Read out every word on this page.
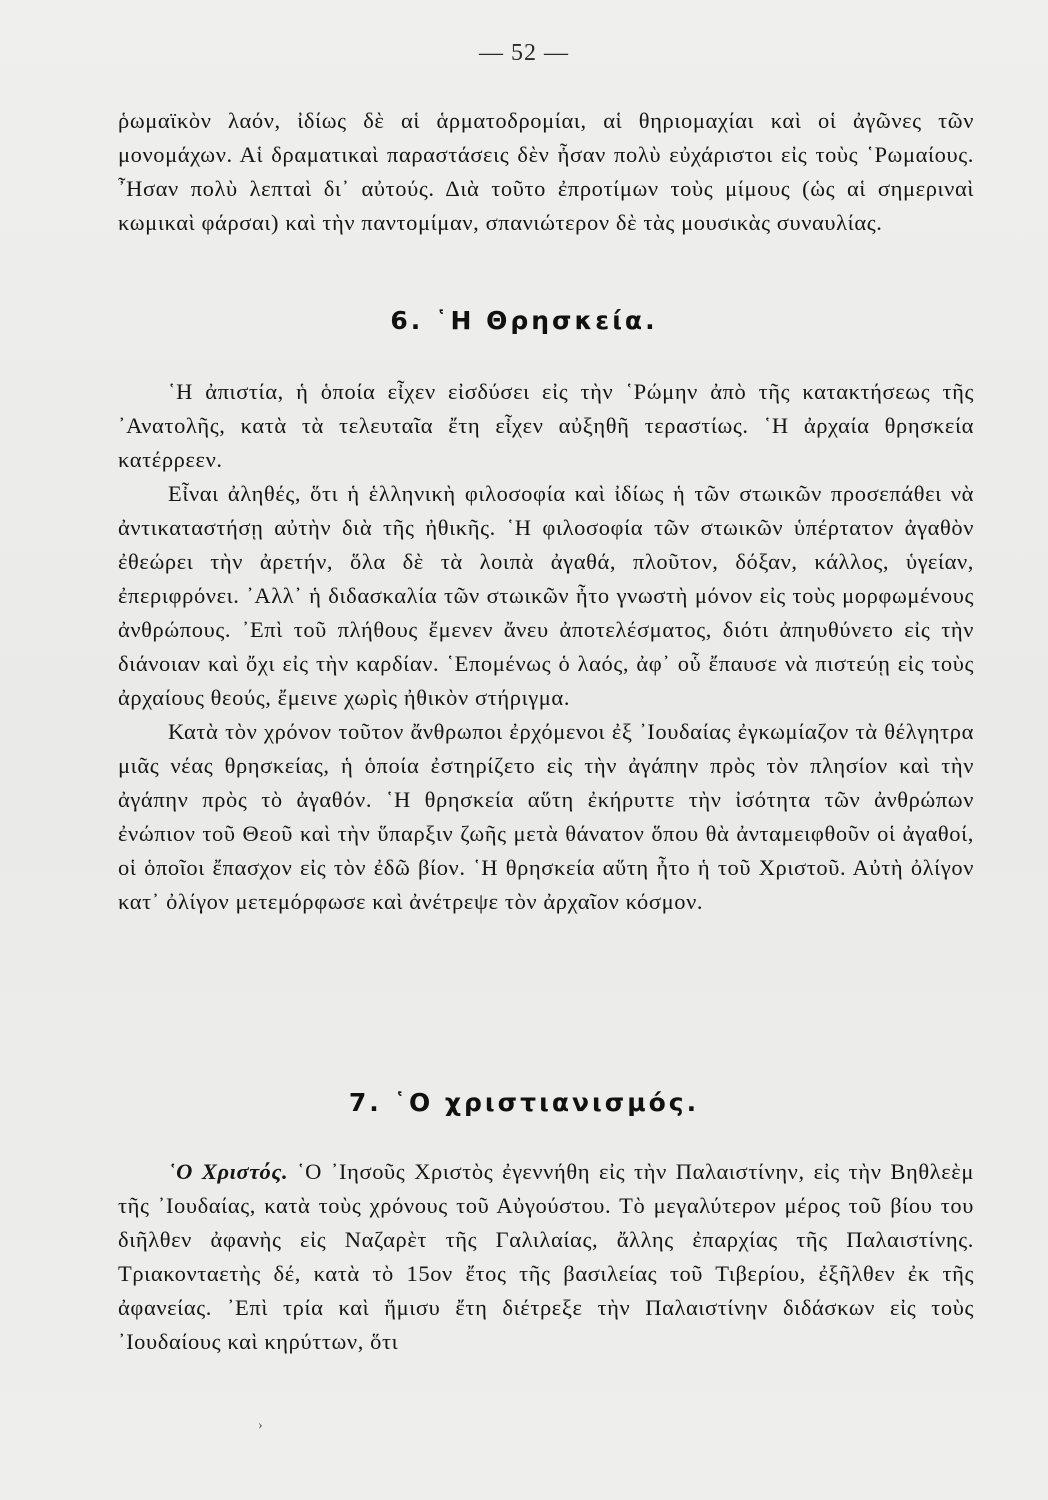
— 52 —

ῥωμαϊκὸν λαόν, ἰδίως δὲ αἱ ἁρματοδρομίαι, αἱ θηριομαχίαι καὶ οἱ ἀγῶνες τῶν μονομάχων. Αἱ δραματικαὶ παραστάσεις δὲν ἦσαν πολὺ εὐχάριστοι εἰς τοὺς ῾Ρωμαίους. ῏Ησαν πολὺ λεπταὶ δι᾿ αὐτούς. Διὰ τοῦτο ἐπροτίμων τοὺς μίμους (ὡς αἱ σημεριναὶ κωμικαὶ φάρσαι) καὶ τὴν παντομίμαν, σπανιώτερον δὲ τὰς μουσικὰς συναυλίας.

6. ῾Η Θρησκεία.

῾Η ἀπιστία, ἡ ὁποία εἶχεν εἰσδύσει εἰς τὴν ῾Ρώμην ἀπὸ τῆς κατακτήσεως τῆς ᾿Ανατολῆς, κατὰ τὰ τελευταῖα ἔτη εἶχεν αὐξηθῆ τεραστίως. ῾Η ἀρχαία θρησκεία κατέρρεεν.

Εἶναι ἀληθές, ὅτι ἡ ἑλληνικὴ φιλοσοφία καὶ ἰδίως ἡ τῶν στωικῶν προσεπάθει νὰ ἀντικαταστήσῃ αὐτὴν διὰ τῆς ἠθικῆς. ῾Η φιλοσοφία τῶν στωικῶν ὑπέρτατον ἀγαθὸν ἐθεώρει τὴν ἀρετήν, ὅλα δὲ τὰ λοιπὰ ἀγαθά, πλοῦτον, δόξαν, κάλλος, ὑγείαν, ἐπεριφρόνει. ᾿Αλλ᾿ ἡ διδασκαλία τῶν στωικῶν ἦτο γνωστὴ μόνον εἰς τοὺς μορφωμένους ἀνθρώπους. ᾿Επὶ τοῦ πλήθους ἔμενεν ἄνευ ἀποτελέσματος, διότι ἀπηυθύνετο εἰς τὴν διάνοιαν καὶ ὄχι εἰς τὴν καρδίαν. ῾Επομένως ὁ λαός, ἀφ᾿ οὗ ἔπαυσε νὰ πιστεύῃ εἰς τοὺς ἀρχαίους θεούς, ἔμεινε χωρὶς ἠθικὸν στήριγμα.

Κατὰ τὸν χρόνον τοῦτον ἄνθρωποι ἐρχόμενοι ἐξ ᾿Ιουδαίας ἐγκωμίαζον τὰ θέλγητρα μιᾶς νέας θρησκείας, ἡ ὁποία ἐστηρίζετο εἰς τὴν ἀγάπην πρὸς τὸν πλησίον καὶ τὴν ἀγάπην πρὸς τὸ ἀγαθόν. ῾Η θρησκεία αὕτη ἐκήρυττε τὴν ἰσότητα τῶν ἀνθρώπων ἐνώπιον τοῦ Θεοῦ καὶ τὴν ὕπαρξιν ζωῆς μετὰ θάνατον ὅπου θὰ ἀνταμειφθοῦν οἱ ἀγαθοί, οἱ ὁποῖοι ἔπασχον εἰς τὸν ἐδῶ βίον. ῾Η θρησκεία αὕτη ἦτο ἡ τοῦ Χριστοῦ. Αὐτὴ ὀλίγον κατ᾿ ὀλίγον μετεμόρφωσε καὶ ἀνέτρεψε τὸν ἀρχαῖον κόσμον.

7. ῾Ο χριστιανισμός.

῾Ο Χριστός. ῾Ο ᾿Ιησοῦς Χριστὸς ἐγεννήθη εἰς τὴν Παλαιστίνην, εἰς τὴν Βηθλεὲμ τῆς ᾿Ιουδαίας, κατὰ τοὺς χρόνους τοῦ Αὐγούστου. Τὸ μεγαλύτερον μέρος τοῦ βίου του διῆλθεν ἀφανὴς εἰς Ναζαρὲτ τῆς Γαλιλαίας, ἄλλης ἐπαρχίας τῆς Παλαιστίνης. Τριακονταετὴς δέ, κατὰ τὸ 15ον ἔτος τῆς βασιλείας τοῦ Τιβερίου, ἐξῆλθεν ἐκ τῆς ἀφανείας. ᾿Επὶ τρία καὶ ἥμισυ ἔτη διέτρεξε τὴν Παλαιστίνην διδάσκων εἰς τοὺς ᾿Ιουδαίους καὶ κηρύττων, ὅτι

›
